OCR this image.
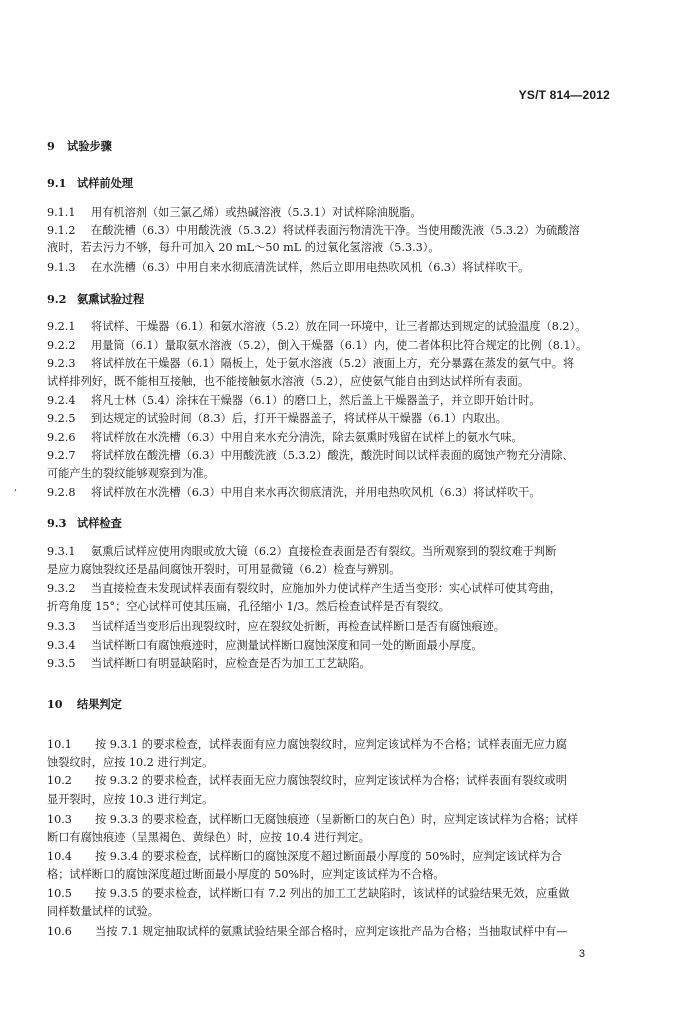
YS/T 814—2012
9 试验步骤
9.1 试样前处理
9.1.1 用有机溶剂（如三氯乙烯）或热碱溶液（5.3.1）对试样除油脱脂。
9.1.2 在酸洗槽（6.3）中用酸洗液（5.3.2）将试样表面污物清洗干净。当使用酸洗液（5.3.2）为硫酸溶
液时，若去污力不够，每升可加入 20 mL～50 mL 的过氧化氢溶液（5.3.3）。
9.1.3 在水洗槽（6.3）中用自来水彻底清洗试样，然后立即用电热吹风机（6.3）将试样吹干。
9.2 氨熏试验过程
9.2.1 将试样、干燥器（6.1）和氨水溶液（5.2）放在同一环境中，让三者都达到规定的试验温度（8.2）。
9.2.2 用量筒（6.1）量取氨水溶液（5.2），倒入干燥器（6.1）内，使二者体积比符合规定的比例（8.1）。
9.2.3 将试样放在干燥器（6.1）隔板上，处于氨水溶液（5.2）液面上方，充分暴露在蒸发的氨气中。将
试样排列好，既不能相互接触，也不能接触氨水溶液（5.2），应使氨气能自由到达试样所有表面。
9.2.4 将凡士林（5.4）涂抹在干燥器（6.1）的磨口上，然后盖上干燥器盖子，并立即开始计时。
9.2.5 到达规定的试验时间（8.3）后，打开干燥器盖子，将试样从干燥器（6.1）内取出。
9.2.6 将试样放在水洗槽（6.3）中用自来水充分清洗，除去氨熏时残留在试样上的氨水气味。
9.2.7 将试样放在酸洗槽（6.3）中用酸洗液（5.3.2）酸洗，酸洗时间以试样表面的腐蚀产物充分清除、
可能产生的裂纹能够观察到为准。
9.2.8 将试样放在水洗槽（6.3）中用自来水再次彻底清洗，并用电热吹风机（6.3）将试样吹干。
9.3 试样检查
9.3.1 氨熏后试样应使用肉眼或放大镜（6.2）直接检查表面是否有裂纹。当所观察到的裂纹难于判断
是应力腐蚀裂纹还是晶间腐蚀开裂时，可用显微镜（6.2）检查与辨别。
9.3.2 当直接检查未发现试样表面有裂纹时，应施加外力使试样产生适当变形：实心试样可使其弯曲，
折弯角度 15°；空心试样可使其压扁，孔径缩小 1/3。然后检查试样是否有裂纹。
9.3.3 当试样适当变形后出现裂纹时，应在裂纹处折断，再检查试样断口是否有腐蚀痕迹。
9.3.4 当试样断口有腐蚀痕迹时，应测量试样断口腐蚀深度和同一处的断面最小厚度。
9.3.5 当试样断口有明显缺陷时，应检查是否为加工工艺缺陷。
10 结果判定
10.1 按 9.3.1 的要求检查，试样表面有应力腐蚀裂纹时，应判定该试样为不合格；试样表面无应力腐
蚀裂纹时，应按 10.2 进行判定。
10.2 按 9.3.2 的要求检查，试样表面无应力腐蚀裂纹时，应判定该试样为合格；试样表面有裂纹或明
显开裂时，应按 10.3 进行判定。
10.3 按 9.3.3 的要求检查，试样断口无腐蚀痕迹（呈新断口的灰白色）时，应判定该试样为合格；试样
断口有腐蚀痕迹（呈黑褐色、黄绿色）时，应按 10.4 进行判定。
10.4 按 9.3.4 的要求检查，试样断口的腐蚀深度不超过断面最小厚度的 50%时，应判定该试样为合
格；试样断口的腐蚀深度超过断面最小厚度的 50%时，应判定该试样为不合格。
10.5 按 9.3.5 的要求检查，试样断口有 7.2 列出的加工工艺缺陷时，该试样的试验结果无效，应重做
同样数量试样的试验。
10.6 当按 7.1 规定抽取试样的氨熏试验结果全部合格时，应判定该批产品为合格；当抽取试样中有—
,
3
